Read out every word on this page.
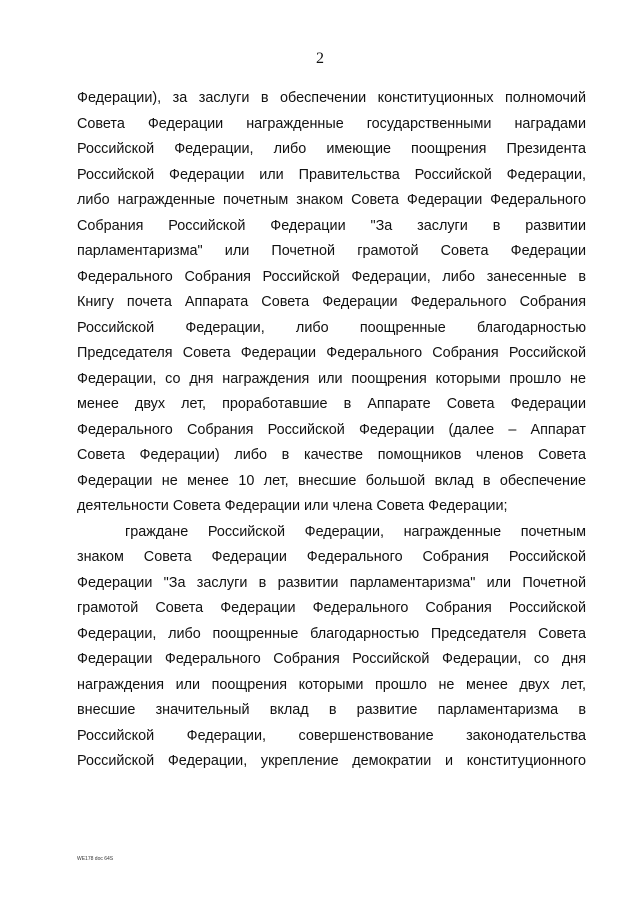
2

Федерации), за заслуги в обеспечении конституционных полномочий
Совета Федерации награжденные государственными наградами
Российской Федерации, либо имеющие поощрения Президента
Российской Федерации или Правительства Российской Федерации,
либо награжденные почетным знаком Совета Федерации Федерального
Собрания Российской Федерации "За заслуги в развитии
парламентаризма" или Почетной грамотой Совета Федерации
Федерального Собрания Российской Федерации, либо занесенные в
Книгу почета Аппарата Совета Федерации Федерального Собрания
Российской Федерации, либо поощренные благодарностью
Председателя Совета Федерации Федерального Собрания Российской
Федерации, со дня награждения или поощрения которыми прошло не
менее двух лет, проработавшие в Аппарате Совета Федерации
Федерального Собрания Российской Федерации (далее – Аппарат
Совета Федерации) либо в качестве помощников членов Совета
Федерации не менее 10 лет, внесшие большой вклад в обеспечение
деятельности Совета Федерации или члена Совета Федерации;
граждане Российской Федерации, награжденные почетным
знаком Совета Федерации Федерального Собрания Российской
Федерации "За заслуги в развитии парламентаризма" или Почетной
грамотой Совета Федерации Федерального Собрания Российской
Федерации, либо поощренные благодарностью Председателя Совета
Федерации Федерального Собрания Российской Федерации, со дня
награждения или поощрения которыми прошло не менее двух лет,
внесшие значительный вклад в развитие парламентаризма в
Российской Федерации, совершенствование законодательства
Российской Федерации, укрепление демократии и конституционного
WE178 doc 64S
